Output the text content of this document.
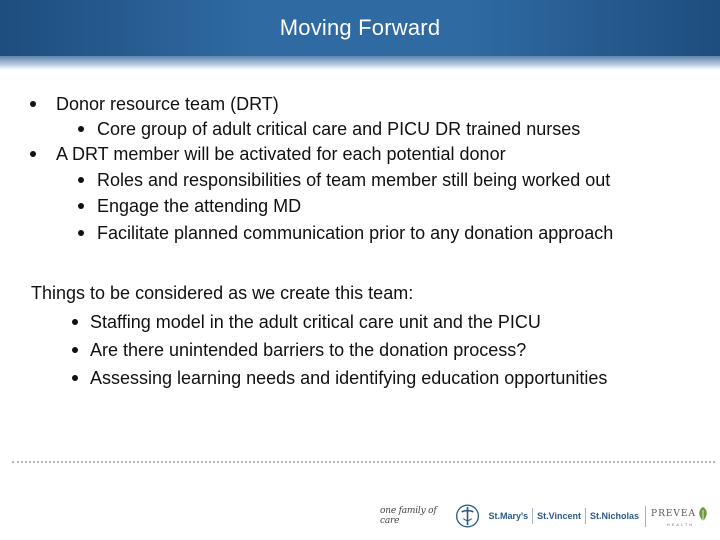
Moving Forward
Donor resource team (DRT)
Core group of adult critical care and PICU DR trained nurses
A DRT member will be activated for each potential donor
Roles and responsibilities of team member still being worked out
Engage the attending MD
Facilitate planned communication prior to any donation approach
Things to be considered as we create this team:
Staffing model in the adult critical care unit and the PICU
Are there unintended barriers to the donation process?
Assessing learning needs and identifying education opportunities
one family of care	St.Mary's	St.Vincent	St.Nicholas	PREVEA
HEALTH
